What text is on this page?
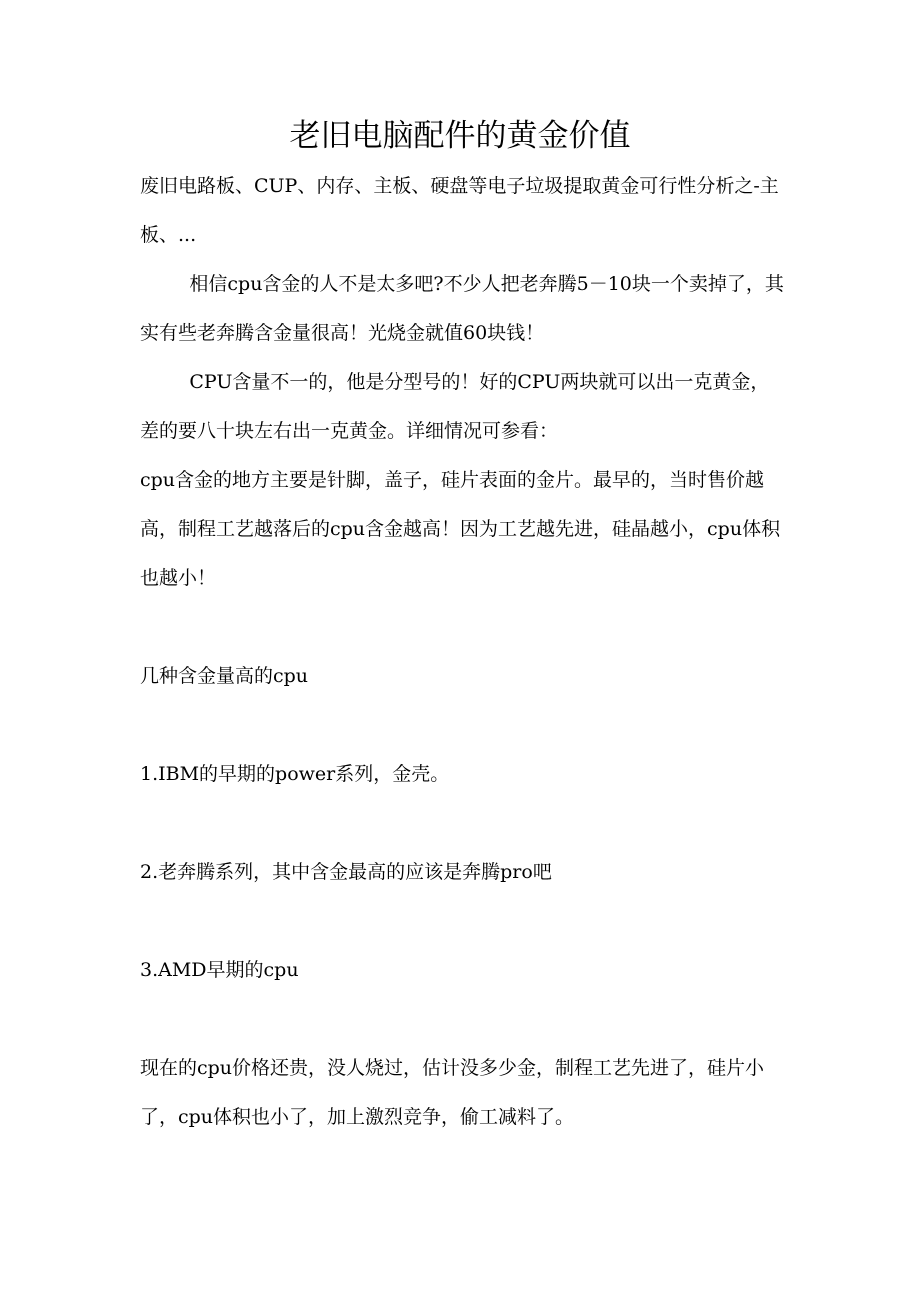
老旧电脑配件的黄金价值

废旧电路板、CUP、内存、主板、硬盘等电子垃圾提取黄金可行性分析之-主板、...

相信cpu含金的人不是太多吧?不少人把老奔腾5－10块一个卖掉了，其实有些老奔腾含金量很高！光烧金就值60块钱！

CPU含量不一的，他是分型号的！好的CPU两块就可以出一克黄金，差的要八十块左右出一克黄金。详细情况可参看：

cpu含金的地方主要是针脚，盖子，硅片表面的金片。最早的，当时售价越高，制程工艺越落后的cpu含金越高！因为工艺越先进，硅晶越小，cpu体积也越小！

几种含金量高的cpu

1.IBM的早期的power系列，金壳。

2.老奔腾系列，其中含金最高的应该是奔腾pro吧

3.AMD早期的cpu

现在的cpu价格还贵，没人烧过，估计没多少金，制程工艺先进了，硅片小了，cpu体积也小了，加上激烈竞争，偷工减料了。
